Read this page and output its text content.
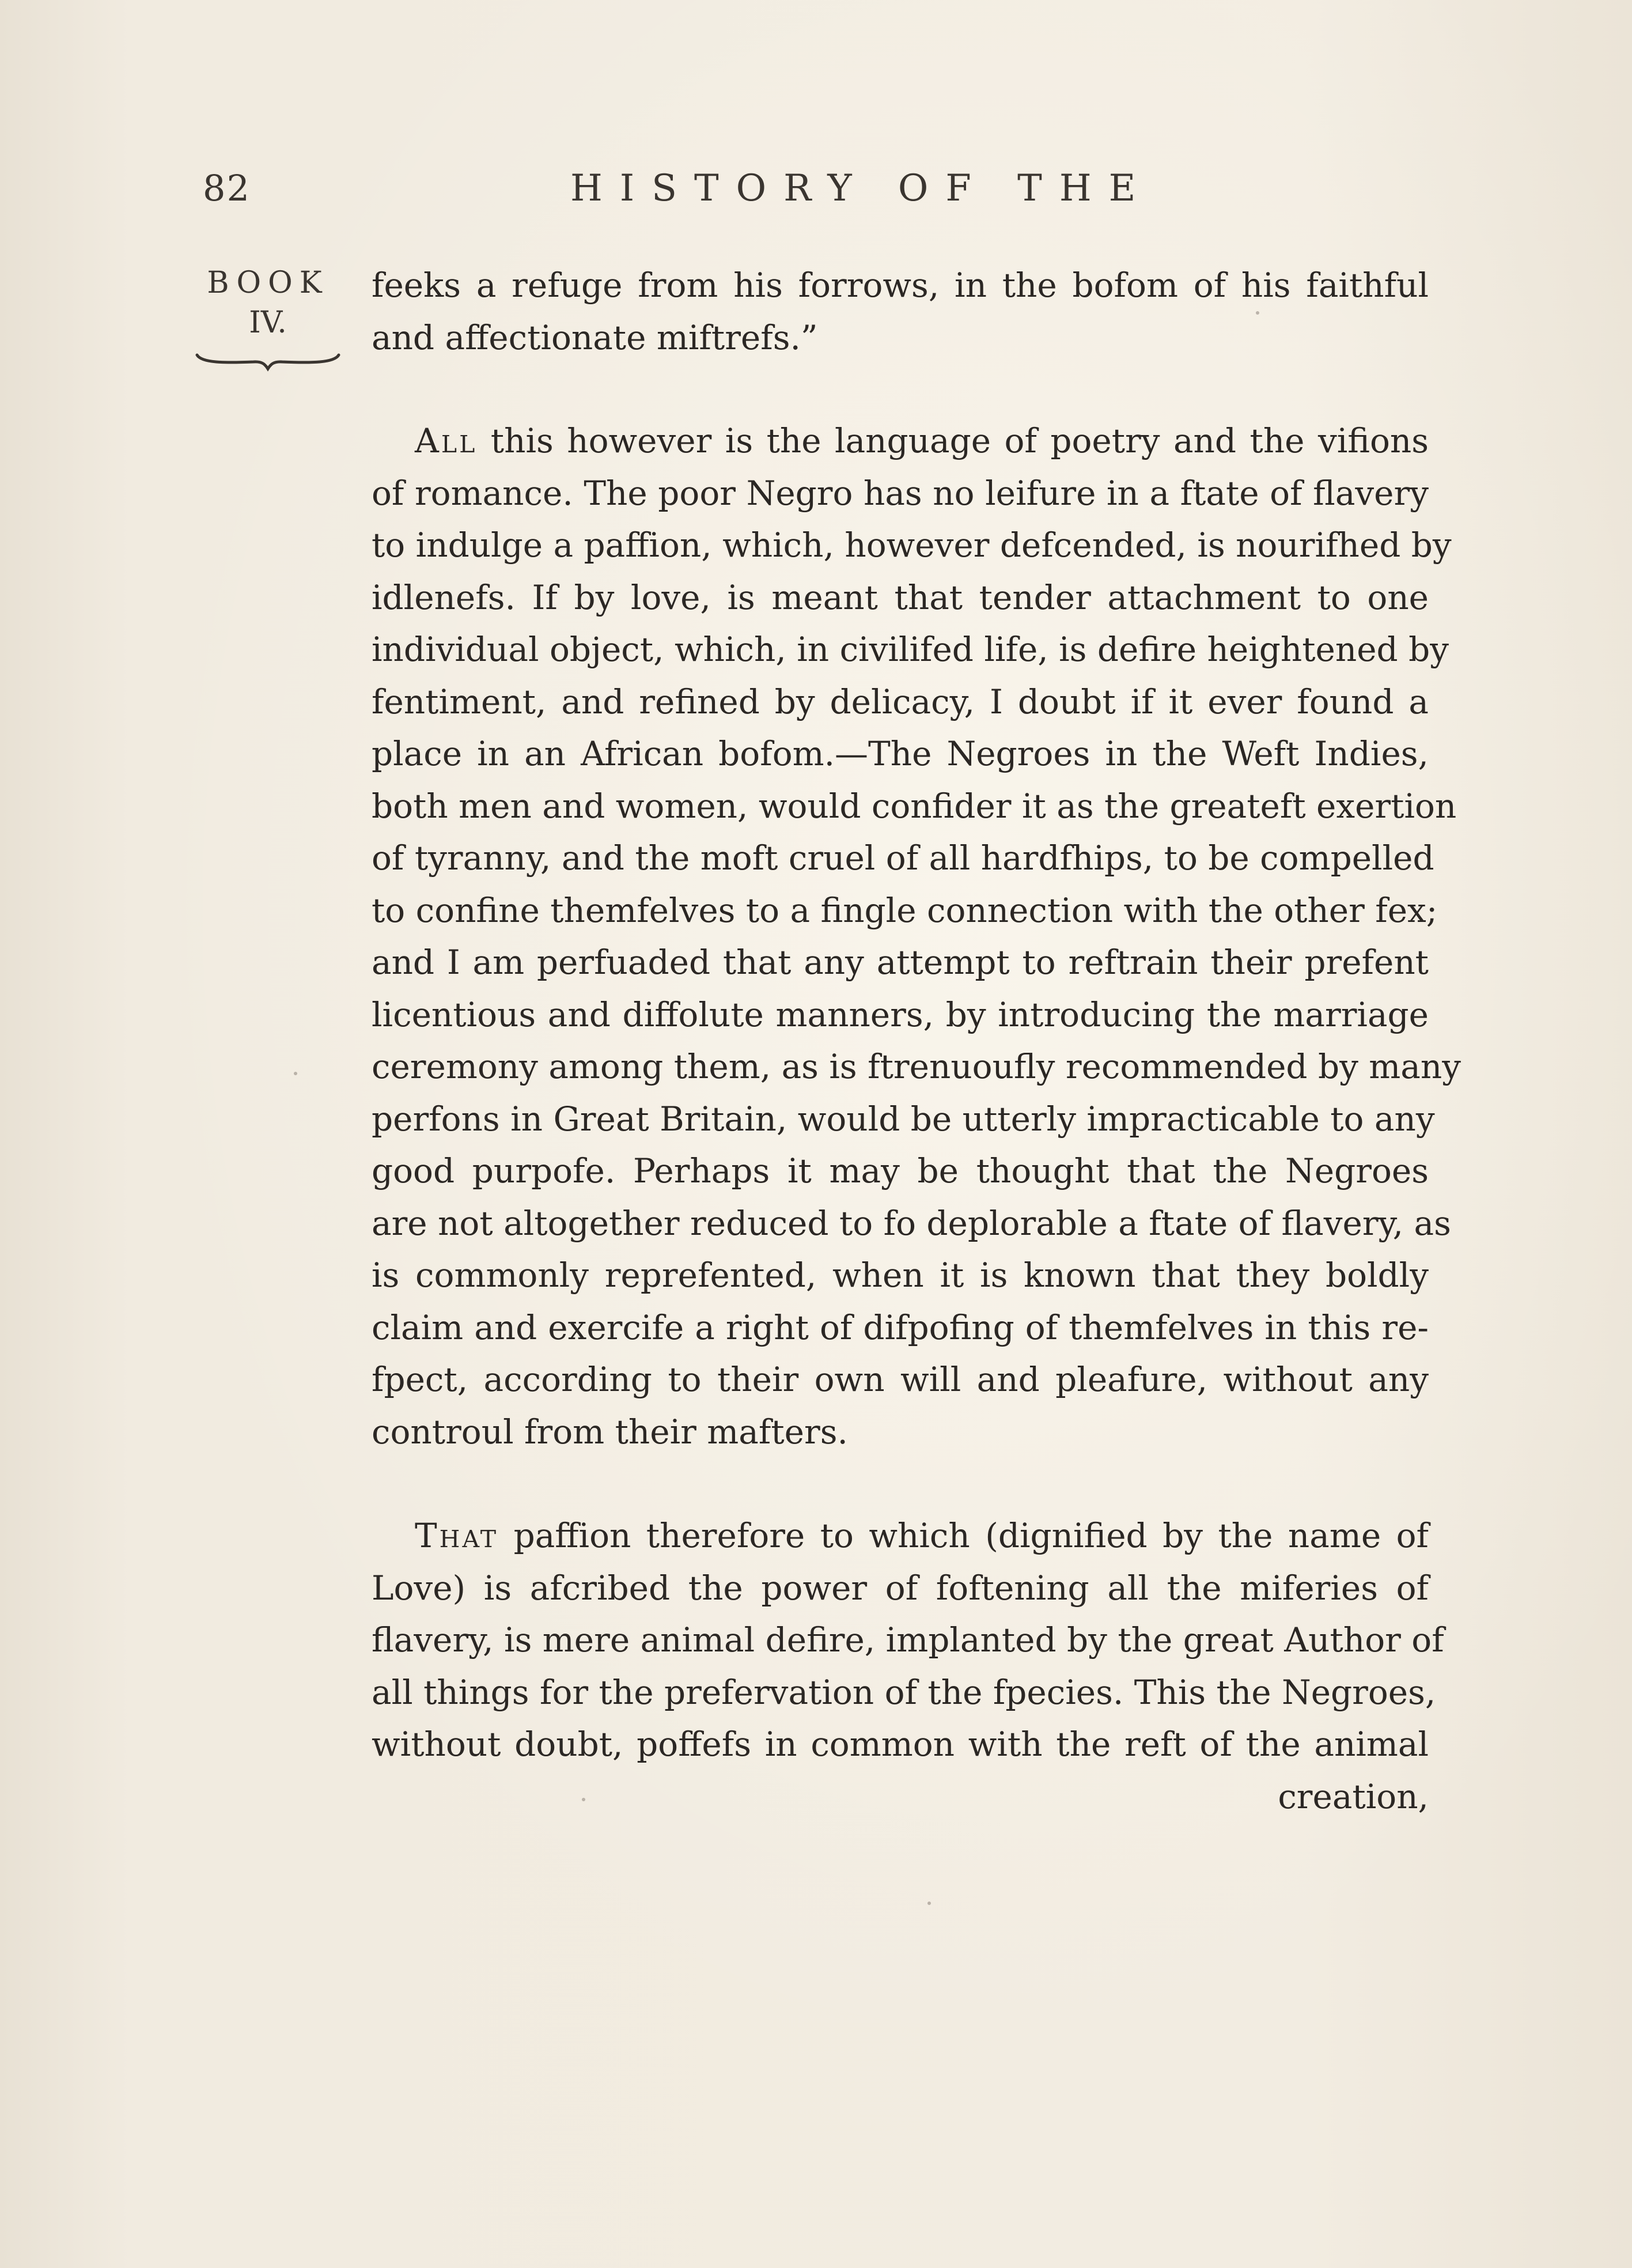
82	HISTORY OF THE
BOOK
IV.
feeks a refuge from his forrows, in the bofom of his faithful
and affectionate miftrefs.”
All this however is the language of poetry and the vifions
of romance. The poor Negro has no leifure in a ftate of flavery
to indulge a paffion, which, however defcended, is nourifhed by
idlenefs. If by love, is meant that tender attachment to one
individual object, which, in civilifed life, is defire heightened by
fentiment, and refined by delicacy, I doubt if it ever found a
place in an African bofom.—The Negroes in the Weft Indies,
both men and women, would confider it as the greateft exertion
of tyranny, and the moft cruel of all hardfhips, to be compelled
to confine themfelves to a fingle connection with the other fex;
and I am perfuaded that any attempt to reftrain their prefent
licentious and diffolute manners, by introducing the marriage
ceremony among them, as is ftrenuoufly recommended by many
perfons in Great Britain, would be utterly impracticable to any
good purpofe. Perhaps it may be thought that the Negroes
are not altogether reduced to fo deplorable a ftate of flavery, as
is commonly reprefented, when it is known that they boldly
claim and exercife a right of difpofing of themfelves in this re-
fpect, according to their own will and pleafure, without any
controul from their mafters.
That paffion therefore to which (dignified by the name of
Love) is afcribed the power of foftening all the miferies of
flavery, is mere animal defire, implanted by the great Author of
all things for the prefervation of the fpecies. This the Negroes,
without doubt, poffefs in common with the reft of the animal
creation,
